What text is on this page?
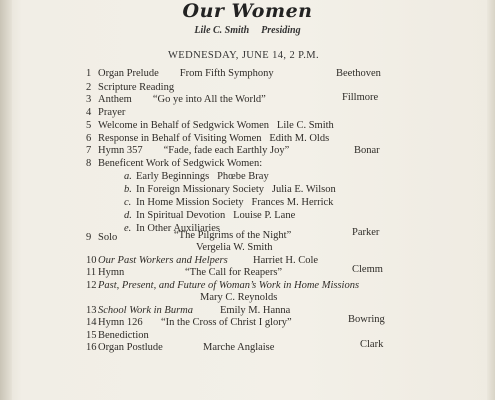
Our Women
Lile C. Smith Presiding
WEDNESDAY, JUNE 14, 2 P.M.
1 Organ Prelude        From Fifth Symphony	Beethoven
2 Scripture Reading
3 Anthem        “Go ye into All the World”	Fillmore
4 Prayer
5 Welcome in Behalf of Sedgwick Women   Lile C. Smith
6 Response in Behalf of Visiting Women   Edith M. Olds
7 Hymn 357        “Fade, fade each Earthly Joy”	Bonar
8 Beneficent Work of Sedgwick Women:
a. Early Beginnings   Phœbe Bray
b. In Foreign Missionary Society   Julia E. Wilson
c. In Home Mission Society   Frances M. Herrick
d. In Spiritual Devotion   Louise P. Lane
e. In Other Auxiliaries
9 Solo	“The Pilgrims of the Night”	Parker
Vergelia W. Smith
10 Our Past Workers and Helpers Harriet H. Cole
11 Hymn	“The Call for Reapers”	Clemm
12 Past, Present, and Future of Woman’s Work in Home Missions
Mary C. Reynolds
13 School Work in Burma	Emily M. Hanna
14 Hymn 126       “In the Cross of Christ I glory”	Bowring
15 Benediction
16 Organ Postlude	Marche Anglaise	Clark
